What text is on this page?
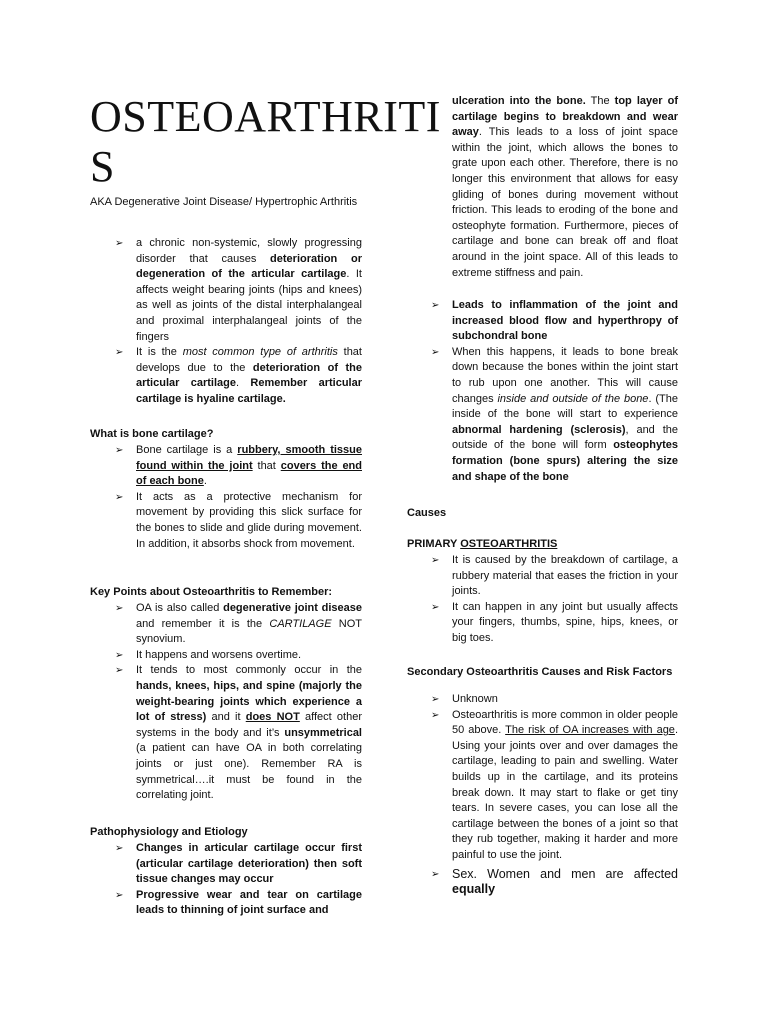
OSTEOARTHRITI
S
AKA Degenerative Joint Disease/ Hypertrophic Arthritis
➢ a chronic non-systemic, slowly progressing disorder that causes deterioration or degeneration of the articular cartilage. It affects weight bearing joints (hips and knees) as well as joints of the distal interphalangeal and proximal interphalangeal joints of the fingers
➢ It is the most common type of arthritis that develops due to the deterioration of the articular cartilage. Remember articular cartilage is hyaline cartilage.
What is bone cartilage?
➢ Bone cartilage is a rubbery, smooth tissue found within the joint that covers the end of each bone.
➢ It acts as a protective mechanism for movement by providing this slick surface for the bones to slide and glide during movement. In addition, it absorbs shock from movement.
Key Points about Osteoarthritis to Remember:
➢ OA is also called degenerative joint disease and remember it is the CARTILAGE NOT synovium.
➢ It happens and worsens overtime.
➢ It tends to most commonly occur in the hands, knees, hips, and spine (majorly the weight-bearing joints which experience a lot of stress) and it does NOT affect other systems in the body and it’s unsymmetrical (a patient can have OA in both correlating joints or just one). Remember RA is symmetrical….it must be found in the correlating joint.
Pathophysiology and Etiology
➢ Changes in articular cartilage occur first (articular cartilage deterioration) then soft tissue changes may occur
➢ Progressive wear and tear on cartilage leads to thinning of joint surface and
ulceration into the bone. The top layer of cartilage begins to breakdown and wear away. This leads to a loss of joint space within the joint, which allows the bones to grate upon each other. Therefore, there is no longer this environment that allows for easy gliding of bones during movement without friction. This leads to eroding of the bone and osteophyte formation. Furthermore, pieces of cartilage and bone can break off and float around in the joint space. All of this leads to extreme stiffness and pain.
➢ Leads to inflammation of the joint and increased blood flow and hyperthropy of subchondral bone
➢ When this happens, it leads to bone break down because the bones within the joint start to rub upon one another. This will cause changes inside and outside of the bone. (The inside of the bone will start to experience abnormal hardening (sclerosis), and the outside of the bone will form osteophytes formation (bone spurs) altering the size and shape of the bone
Causes
PRIMARY OSTEOARTHRITIS
➢ It is caused by the breakdown of cartilage, a rubbery material that eases the friction in your joints.
➢ It can happen in any joint but usually affects your fingers, thumbs, spine, hips, knees, or big toes.
Secondary Osteoarthritis Causes and Risk Factors
➢ Unknown
➢ Osteoarthritis is more common in older people 50 above. The risk of OA increases with age. Using your joints over and over damages the cartilage, leading to pain and swelling. Water builds up in the cartilage, and its proteins break down. It may start to flake or get tiny tears. In severe cases, you can lose all the cartilage between the bones of a joint so that they rub together, making it harder and more painful to use the joint.
➢ Sex. Women and men are affected equally
